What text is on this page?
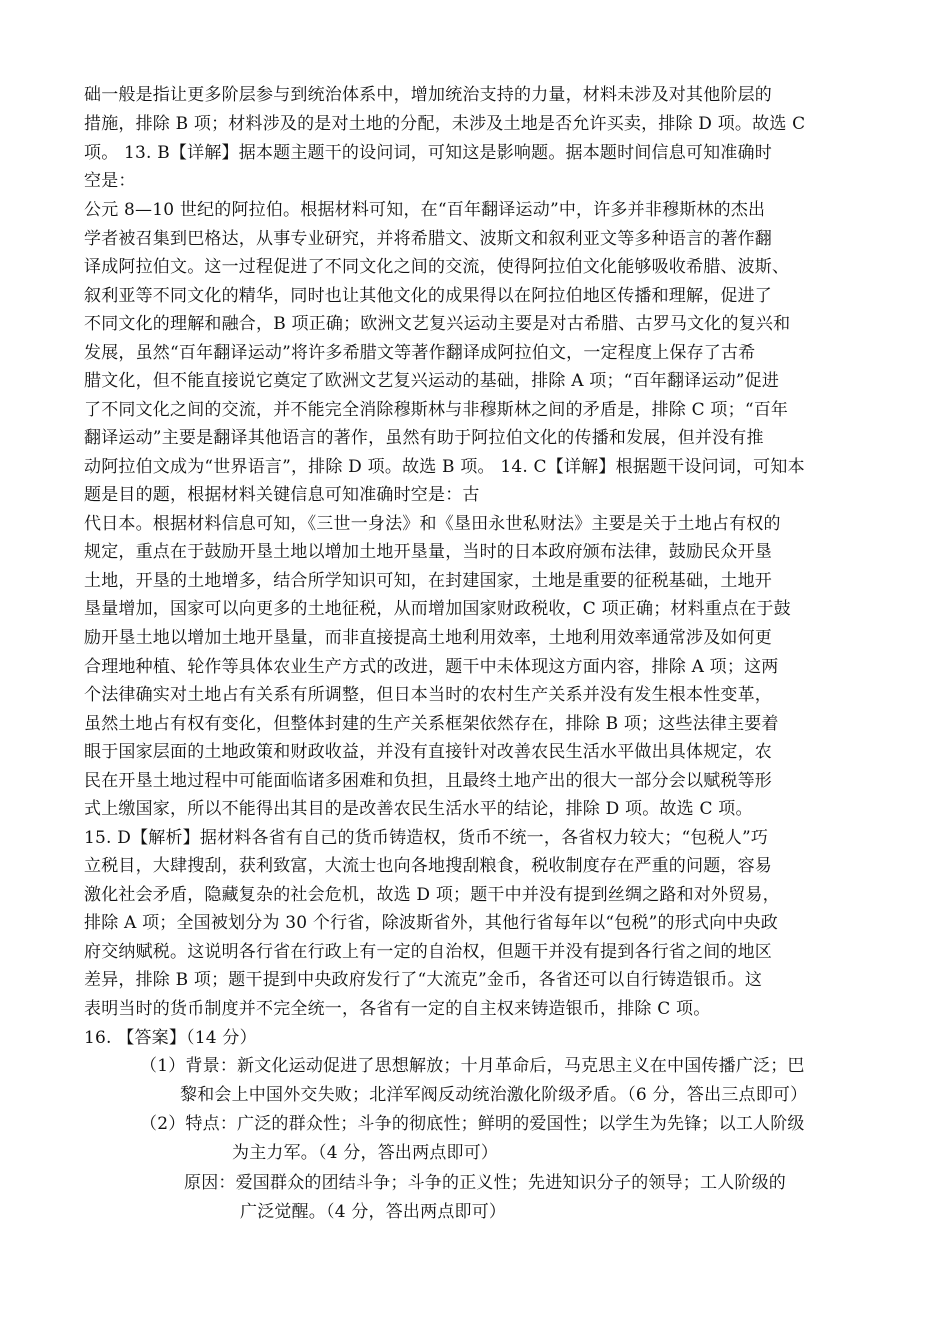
础一般是指让更多阶层参与到统治体系中，增加统治支持的力量，材料未涉及对其他阶层的
措施，排除 B 项；材料涉及的是对土地的分配，未涉及土地是否允许买卖，排除 D 项。故选 C
项。 13. B【详解】据本题主题干的设问词，可知这是影响题。据本题时间信息可知准确时
空是：
公元 8—10 世纪的阿拉伯。根据材料可知，在“百年翻译运动”中，许多并非穆斯林的杰出
学者被召集到巴格达，从事专业研究，并将希腊文、波斯文和叙利亚文等多种语言的著作翻
译成阿拉伯文。这一过程促进了不同文化之间的交流，使得阿拉伯文化能够吸收希腊、波斯、
叙利亚等不同文化的精华，同时也让其他文化的成果得以在阿拉伯地区传播和理解，促进了
不同文化的理解和融合，B 项正确；欧洲文艺复兴运动主要是对古希腊、古罗马文化的复兴和
发展，虽然“百年翻译运动”将许多希腊文等著作翻译成阿拉伯文，一定程度上保存了古希
腊文化，但不能直接说它奠定了欧洲文艺复兴运动的基础，排除 A 项；“百年翻译运动”促进
了不同文化之间的交流，并不能完全消除穆斯林与非穆斯林之间的矛盾是，排除 C 项；“百年
翻译运动”主要是翻译其他语言的著作，虽然有助于阿拉伯文化的传播和发展，但并没有推
动阿拉伯文成为“世界语言”，排除 D 项。故选 B 项。 14. C【详解】根据题干设问词，可知本
题是目的题，根据材料关键信息可知准确时空是：古
代日本。根据材料信息可知，《三世一身法》和《垦田永世私财法》主要是关于土地占有权的
规定，重点在于鼓励开垦土地以增加土地开垦量，当时的日本政府颁布法律，鼓励民众开垦
土地，开垦的土地增多，结合所学知识可知，在封建国家，土地是重要的征税基础，土地开
垦量增加，国家可以向更多的土地征税，从而增加国家财政税收，C 项正确；材料重点在于鼓
励开垦土地以增加土地开垦量，而非直接提高土地利用效率，土地利用效率通常涉及如何更
合理地种植、轮作等具体农业生产方式的改进，题干中未体现这方面内容，排除 A 项；这两
个法律确实对土地占有关系有所调整，但日本当时的农村生产关系并没有发生根本性变革，
虽然土地占有权有变化，但整体封建的生产关系框架依然存在，排除 B 项；这些法律主要着
眼于国家层面的土地政策和财政收益，并没有直接针对改善农民生活水平做出具体规定，农
民在开垦土地过程中可能面临诸多困难和负担，且最终土地产出的很大一部分会以赋税等形
式上缴国家，所以不能得出其目的是改善农民生活水平的结论，排除 D 项。故选 C 项。
15. D【解析】据材料各省有自己的货币铸造权，货币不统一，各省权力较大；“包税人”巧
立税目，大肆搜刮，获利致富，大流士也向各地搜刮粮食，税收制度存在严重的问题，容易
激化社会矛盾，隐藏复杂的社会危机，故选 D 项；题干中并没有提到丝绸之路和对外贸易，
排除 A 项；全国被划分为 30 个行省，除波斯省外，其他行省每年以“包税”的形式向中央政
府交纳赋税。这说明各行省在行政上有一定的自治权，但题干并没有提到各行省之间的地区
差异，排除 B 项；题干提到中央政府发行了“大流克”金币，各省还可以自行铸造银币。这
表明当时的货币制度并不完全统一，各省有一定的自主权来铸造银币，排除 C 项。
16. 【答案】（14 分）
（1）背景：新文化运动促进了思想解放；十月革命后，马克思主义在中国传播广泛；巴
黎和会上中国外交失败；北洋军阀反动统治激化阶级矛盾。（6 分，答出三点即可）
（2）特点：广泛的群众性；斗争的彻底性；鲜明的爱国性；以学生为先锋；以工人阶级
为主力军。（4 分，答出两点即可）
原因：爱国群众的团结斗争；斗争的正义性；先进知识分子的领导；工人阶级的
广泛觉醒。（4 分，答出两点即可）
